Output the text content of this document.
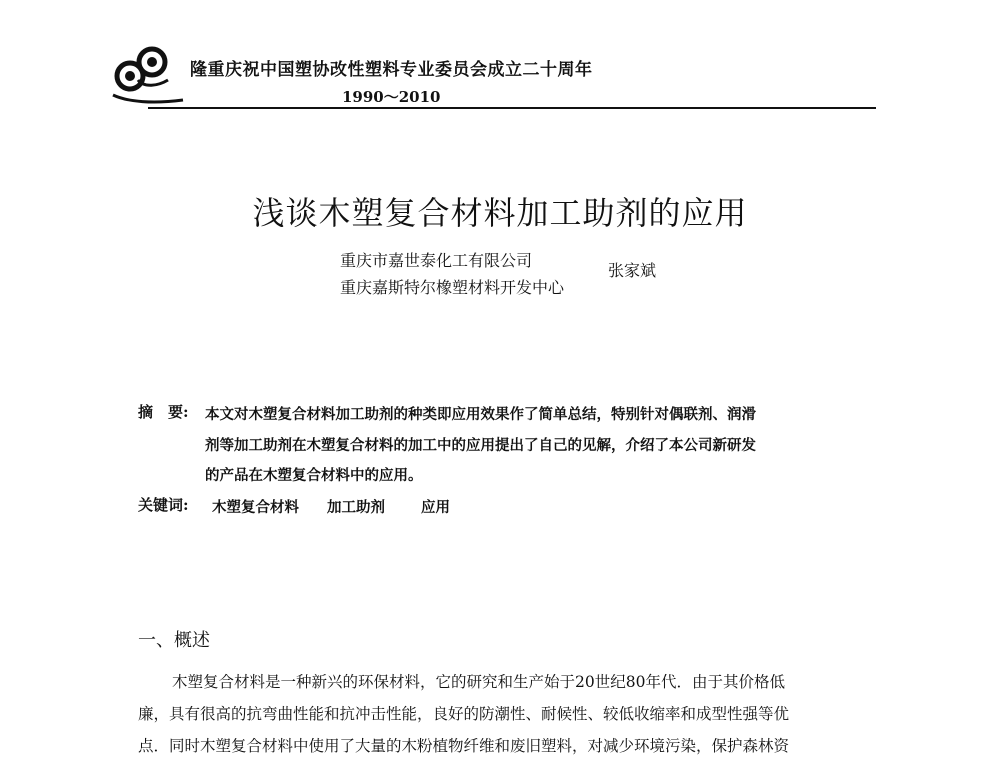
隆重庆祝中国塑协改性塑料专业委员会成立二十周年
1990～2010
浅谈木塑复合材料加工助剂的应用
重庆市嘉世泰化工有限公司
重庆嘉斯特尔橡塑材料开发中心
张家斌
摘　要: 本文对木塑复合材料加工助剂的种类即应用效果作了简单总结，特别针对偶联剂、润滑
剂等加工助剂在木塑复合材料的加工中的应用提出了自己的见解，介绍了本公司新研发
的产品在木塑复合材料中的应用。
关键词: 木塑复合材料 加工助剂 应用
一、概述
木塑复合材料是一种新兴的环保材料，它的研究和生产始于20世纪80年代．由于其价格低
廉，具有很高的抗弯曲性能和抗冲击性能，良好的防潮性、耐候性、较低收缩率和成型性强等优
点．同时木塑复合材料中使用了大量的木粉植物纤维和废旧塑料，对减少环境污染，保护森林资
